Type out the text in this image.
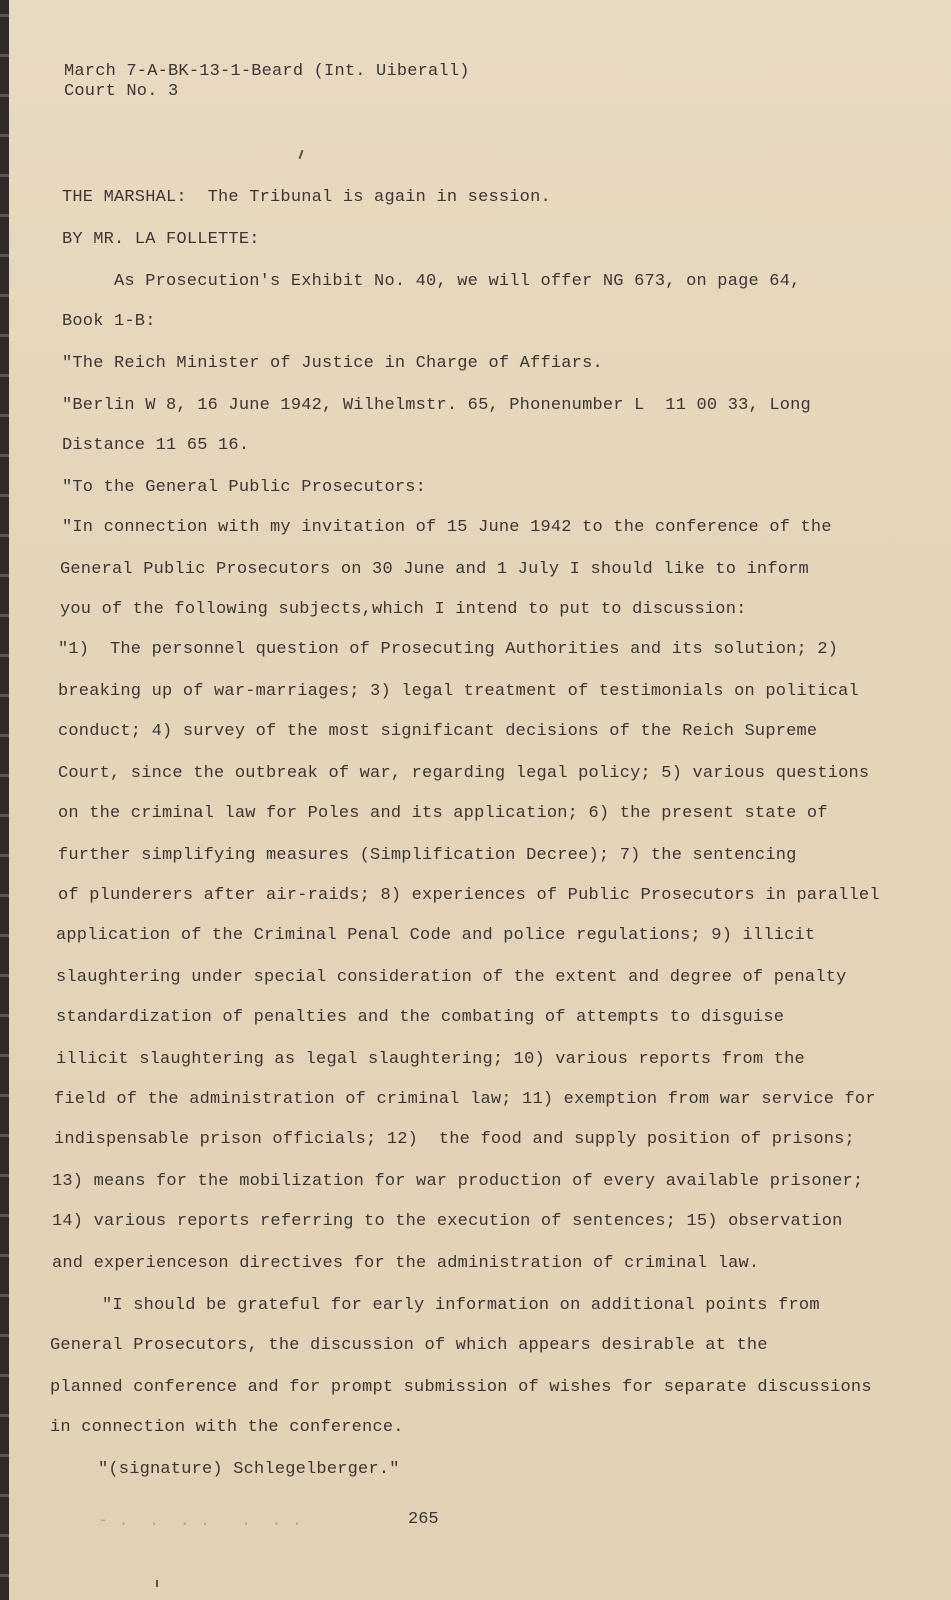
March 7-A-BK-13-1-Beard (Int. Uiberall)
Court No. 3
THE MARSHAL:  The Tribunal is again in session.
BY MR. LA FOLLETTE:
As Prosecution's Exhibit No. 40, we will offer NG 673, on page 64,
Book 1-B:
"The Reich Minister of Justice in Charge of Affiars.
"Berlin W 8, 16 June 1942, Wilhelmstr. 65, Phonenumber L  11 00 33, Long
Distance 11 65 16.
"To the General Public Prosecutors:
"In connection with my invitation of 15 June 1942 to the conference of the
General Public Prosecutors on 30 June and 1 July I should like to inform
you of the following subjects,which I intend to put to discussion:
"1)  The personnel question of Prosecuting Authorities and its solution; 2)
breaking up of war-marriages; 3) legal treatment of testimonials on political
conduct; 4) survey of the most significant decisions of the Reich Supreme
Court, since the outbreak of war, regarding legal policy; 5) various questions
on the criminal law for Poles and its application; 6) the present state of
further simplifying measures (Simplification Decree); 7) the sentencing
of plunderers after air-raids; 8) experiences of Public Prosecutors in parallel
application of the Criminal Penal Code and police regulations; 9) illicit
slaughtering under special consideration of the extent and degree of penalty
standardization of penalties and the combating of attempts to disguise
illicit slaughtering as legal slaughtering; 10) various reports from the
field of the administration of criminal law; 11) exemption from war service for
indispensable prison officials; 12)  the food and supply position of prisons;
13) means for the mobilization for war production of every available prisoner;
14) various reports referring to the execution of sentences; 15) observation
and experienceson directives for the administration of criminal law.
"I should be grateful for early information on additional points from
General Prosecutors, the discussion of which appears desirable at the
planned conference and for prompt submission of wishes for separate discussions
in connection with the conference.
"(signature) Schlegelberger."
- .  .  . .   .  . .	265
